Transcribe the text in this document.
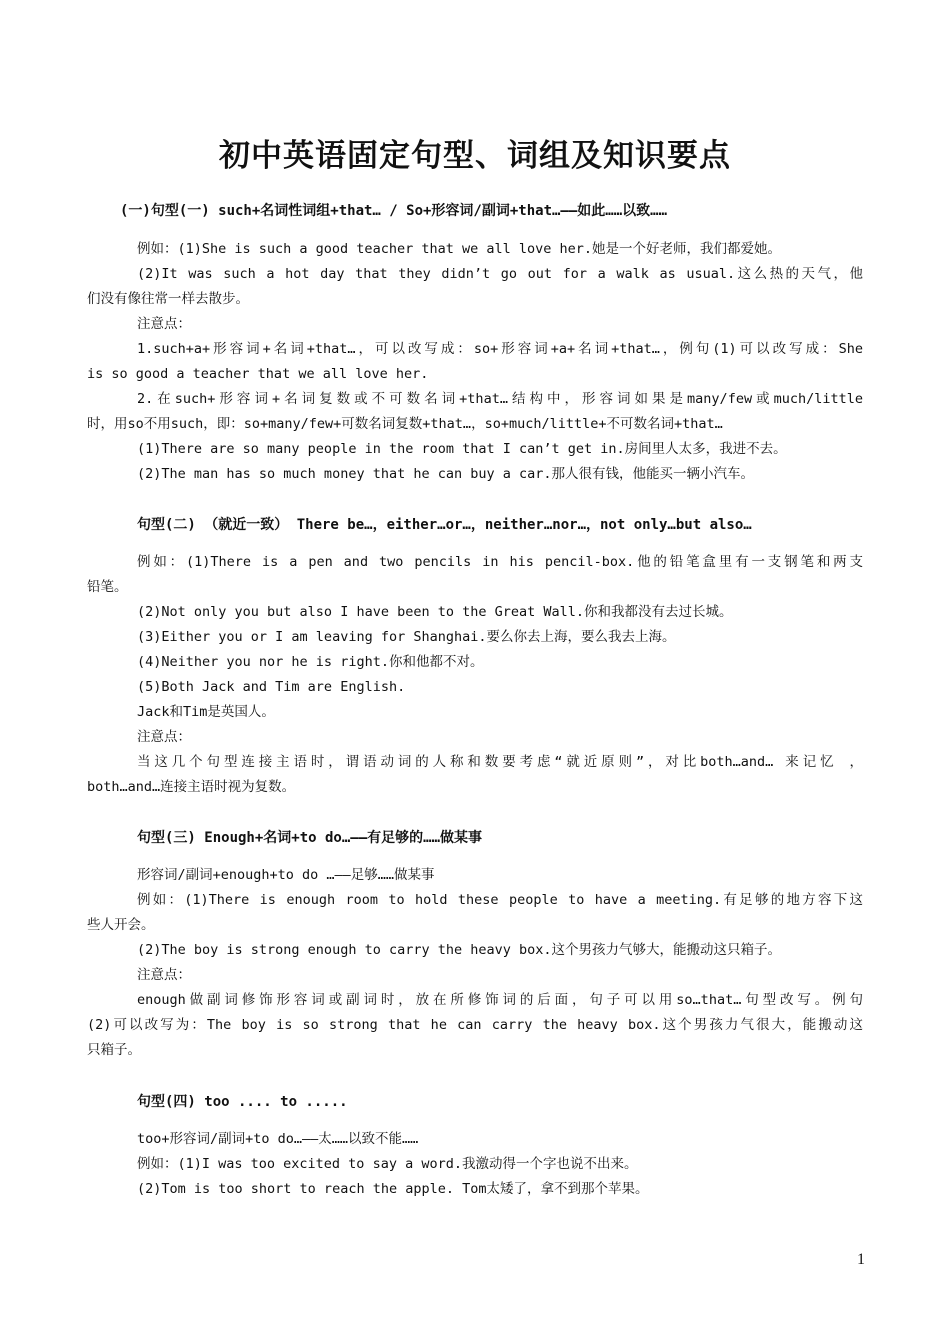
初中英语固定句型、词组及知识要点
(一)句型(一) such+名词性词组+that… / So+形容词/副词+that…——如此……以致……
例如：(1)She is such a good teacher that we all love her.她是一个好老师，我们都爱她。
(2)It was such a hot day that they didn’t go out for a walk as usual.这么热的天气，他
们没有像往常一样去散步。
注意点：
1.such+a+形容词+名词+that…，可以改写成：so+形容词+a+名词+that…，例句(1)可以改写成：She
is so good a teacher that we all love her.
2.在such+形容词+名词复数或不可数名词+that…结构中，形容词如果是many/few或much/little
时，用so不用such，即：so+many/few+可数名词复数+that…，so+much/little+不可数名词+that…
(1)There are so many people in the room that I can’t get in.房间里人太多，我进不去。
(2)The man has so much money that he can buy a car.那人很有钱，他能买一辆小汽车。
句型(二) （就近一致） There be…，either…or…，neither…nor…，not only…but also…
例如：(1)There is a pen and two pencils in his pencil-box.他的铅笔盒里有一支钢笔和两支
铅笔。
(2)Not only you but also I have been to the Great Wall.你和我都没有去过长城。
(3)Either you or I am leaving for Shanghai.要么你去上海，要么我去上海。
(4)Neither you nor he is right.你和他都不对。
(5)Both Jack and Tim are English.
Jack和Tim是英国人。
注意点：
当这几个句型连接主语时，谓语动词的人称和数要考虑“就近原则”，对比both…and… 来记忆 ，
both…and…连接主语时视为复数。
句型(三) Enough+名词+to do…——有足够的……做某事
形容词/副词+enough+to do …——足够……做某事
例如：(1)There is enough room to hold these people to have a meeting.有足够的地方容下这
些人开会。
(2)The boy is strong enough to carry the heavy box.这个男孩力气够大，能搬动这只箱子。
注意点：
enough做副词修饰形容词或副词时，放在所修饰词的后面，句子可以用so…that…句型改写。例句
(2)可以改写为：The boy is so strong that he can carry the heavy box.这个男孩力气很大，能搬动这
只箱子。
句型(四) too .... to .....
too+形容词/副词+to do…——太……以致不能……
例如：(1)I was too excited to say a word.我激动得一个字也说不出来。
(2)Tom is too short to reach the apple. Tom太矮了，拿不到那个苹果。
1
